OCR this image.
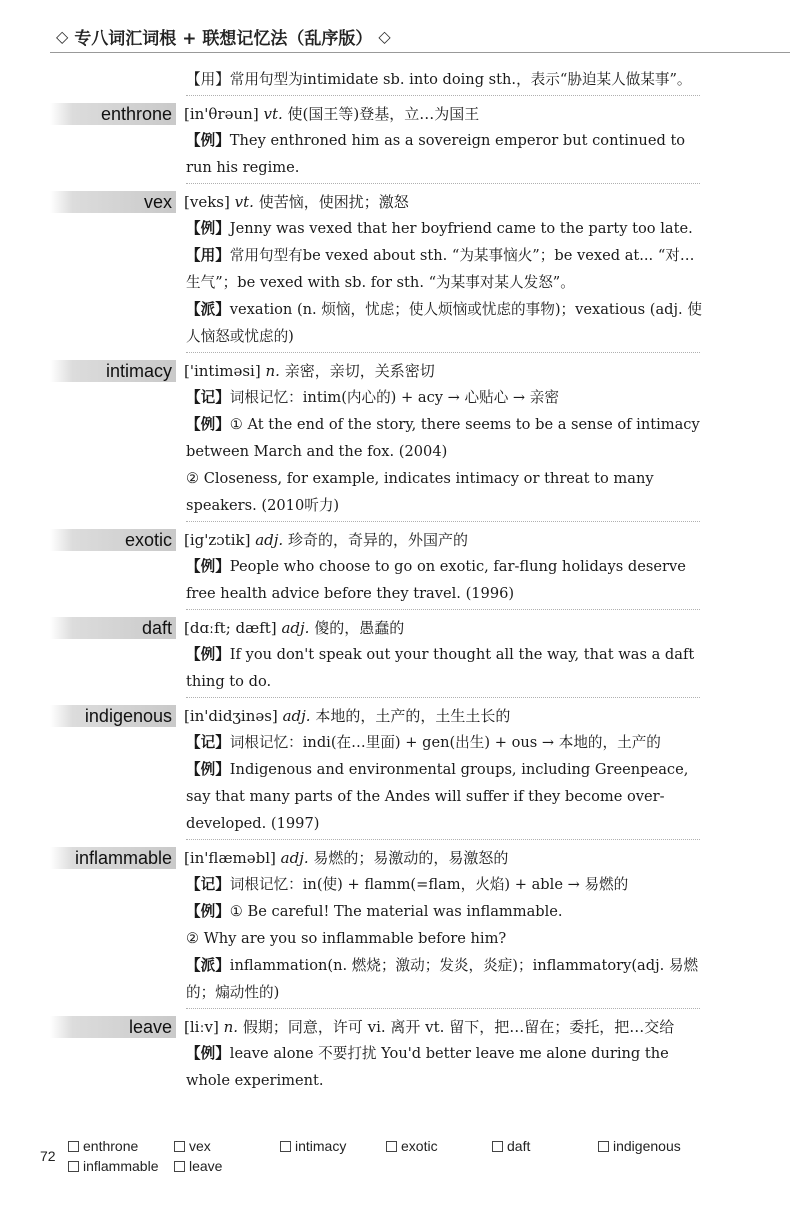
◇ 专八词汇词根 + 联想记忆法（乱序版） ◇
【用】常用句型为intimidate sb. into doing sth.，表示“胁迫某人做某事”。
enthrone [in'θrəun] vt. 使(国王等)登基，立…为国王
【例】They enthroned him as a sovereign emperor but continued to run his regime.
vex [veks] vt. 使苦恼，使困扰；激怒
【例】Jenny was vexed that her boyfriend came to the party too late.
【用】常用句型有be vexed about sth. “为某事恼火”；be vexed at... “对…生气”；be vexed with sb. for sth. “为某事对某人发怒”。
【派】vexation (n. 烦恼，忧虑；使人烦恼或忧虑的事物)；vexatious (adj. 使人恼怒或忧虑的)
intimacy ['intiməsi] n. 亲密，亲切，关系密切
【记】词根记忆：intim(内心的) + acy → 心贴心 → 亲密
【例】① At the end of the story, there seems to be a sense of intimacy between March and the fox. (2004)
② Closeness, for example, indicates intimacy or threat to many speakers. (2010听力)
exotic [ig'zɔtik] adj. 珍奇的，奇异的，外国产的
【例】People who choose to go on exotic, far-flung holidays deserve free health advice before they travel. (1996)
daft [dɑːft; dæft] adj. 傻的，愚蠢的
【例】If you don't speak out your thought all the way, that was a daft thing to do.
indigenous [in'didʒinəs] adj. 本地的，土产的，土生土长的
【记】词根记忆：indi(在…里面) + gen(出生) + ous → 本地的，土产的
【例】Indigenous and environmental groups, including Greenpeace, say that many parts of the Andes will suffer if they become over-developed. (1997)
inflammable [in'flæməbl] adj. 易燃的；易激动的，易激怒的
【记】词根记忆：in(使) + flamm(=flam，火焰) + able → 易燃的
【例】① Be careful! The material was inflammable.
② Why are you so inflammable before him?
【派】inflammation(n. 燃烧；激动；发炎，炎症)；inflammatory(adj. 易燃的；煽动性的)
leave [liːv] n. 假期；同意，许可 vi. 离开 vt. 留下，把…留在；委托，把…交给
【例】leave alone 不要打扰 You'd better leave me alone during the whole experiment.
72
enthrone	vex	intimacy	exotic	daft	indigenous
inflammable leave
